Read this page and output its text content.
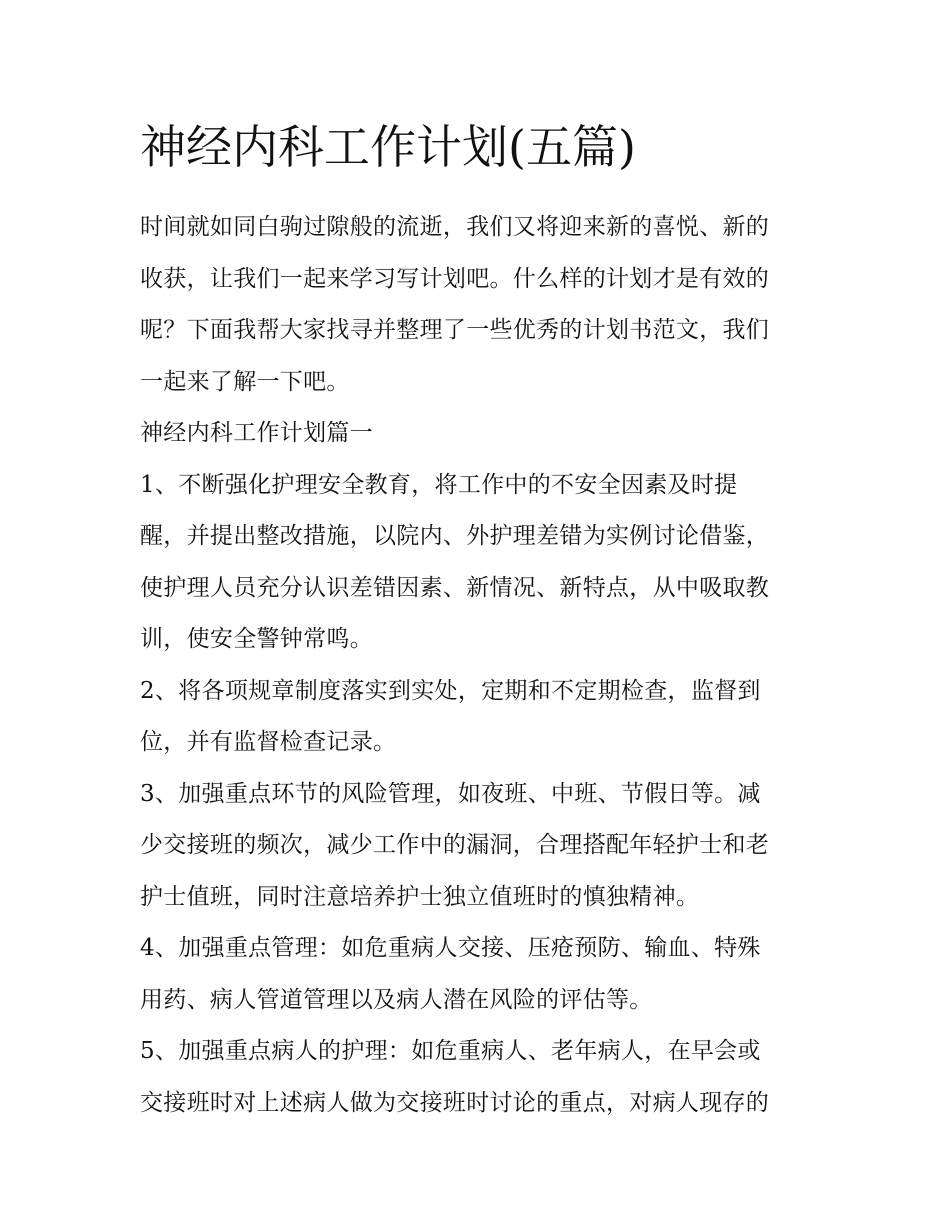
神经内科工作计划(五篇)

时间就如同白驹过隙般的流逝，我们又将迎来新的喜悦、新的
收获，让我们一起来学习写计划吧。什么样的计划才是有效的
呢？下面我帮大家找寻并整理了一些优秀的计划书范文，我们
一起来了解一下吧。

神经内科工作计划篇一

1、不断强化护理安全教育，将工作中的不安全因素及时提
醒，并提出整改措施，以院内、外护理差错为实例讨论借鉴，
使护理人员充分认识差错因素、新情况、新特点，从中吸取教
训，使安全警钟常鸣。

2、将各项规章制度落实到实处，定期和不定期检查，监督到
位，并有监督检查记录。

3、加强重点环节的风险管理，如夜班、中班、节假日等。减
少交接班的频次，减少工作中的漏洞，合理搭配年轻护士和老
护士值班，同时注意培养护士独立值班时的慎独精神。

4、加强重点管理：如危重病人交接、压疮预防、输血、特殊
用药、病人管道管理以及病人潜在风险的评估等。

5、加强重点病人的护理：如危重病人、老年病人，在早会或
交接班时对上述病人做为交接班时讨论的重点，对病人现存的
